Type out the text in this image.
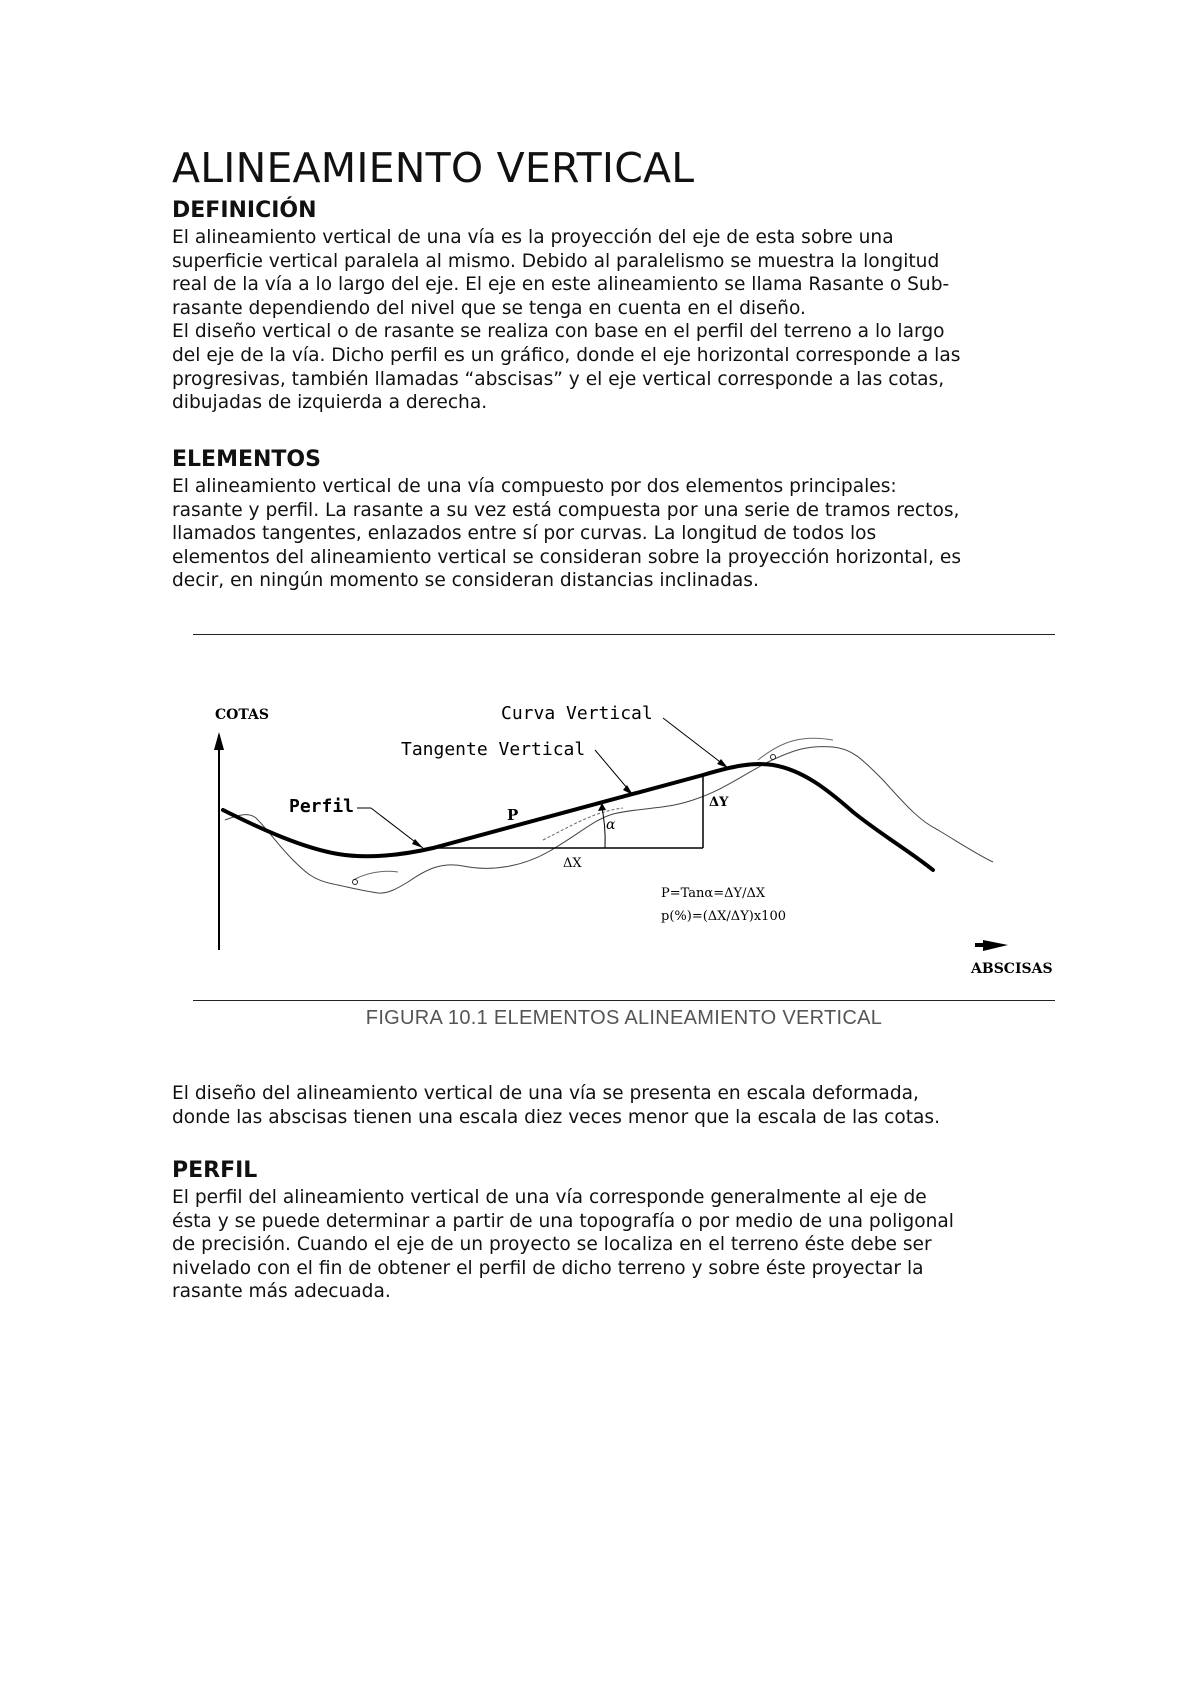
ALINEAMIENTO VERTICAL
DEFINICIÓN
El alineamiento vertical de una vía es la proyección del eje de esta sobre una
superficie vertical paralela al mismo. Debido al paralelismo se muestra la longitud
real de la vía a lo largo del eje. El eje en este alineamiento se llama Rasante o Sub-
rasante dependiendo del nivel que se tenga en cuenta en el diseño.
El diseño vertical o de rasante se realiza con base en el perfil del terreno a lo largo
del eje de la vía. Dicho perfil es un gráfico, donde el eje horizontal corresponde a las
progresivas, también llamadas “abscisas” y el eje vertical corresponde a las cotas,
dibujadas de izquierda a derecha.
ELEMENTOS
El alineamiento vertical de una vía compuesto por dos elementos principales:
rasante y perfil. La rasante a su vez está compuesta por una serie de tramos rectos,
llamados tangentes, enlazados entre sí por curvas. La longitud de todos los
elementos del alineamiento vertical se consideran sobre la proyección horizontal, es
decir, en ningún momento se consideran distancias inclinadas.
COTAS
ABSCISAS
α
ΔY
ΔX
P
Curva Vertical
Tangente Vertical
Perfil
P=Tanα=ΔY/ΔX
p(%)=(ΔX/ΔY)x100
FIGURA 10.1 ELEMENTOS ALINEAMIENTO VERTICAL
El diseño del alineamiento vertical de una vía se presenta en escala deformada,
donde las abscisas tienen una escala diez veces menor que la escala de las cotas.
PERFIL
El perfil del alineamiento vertical de una vía corresponde generalmente al eje de
ésta y se puede determinar a partir de una topografía o por medio de una poligonal
de precisión. Cuando el eje de un proyecto se localiza en el terreno éste debe ser
nivelado con el fin de obtener el perfil de dicho terreno y sobre éste proyectar la
rasante más adecuada.
